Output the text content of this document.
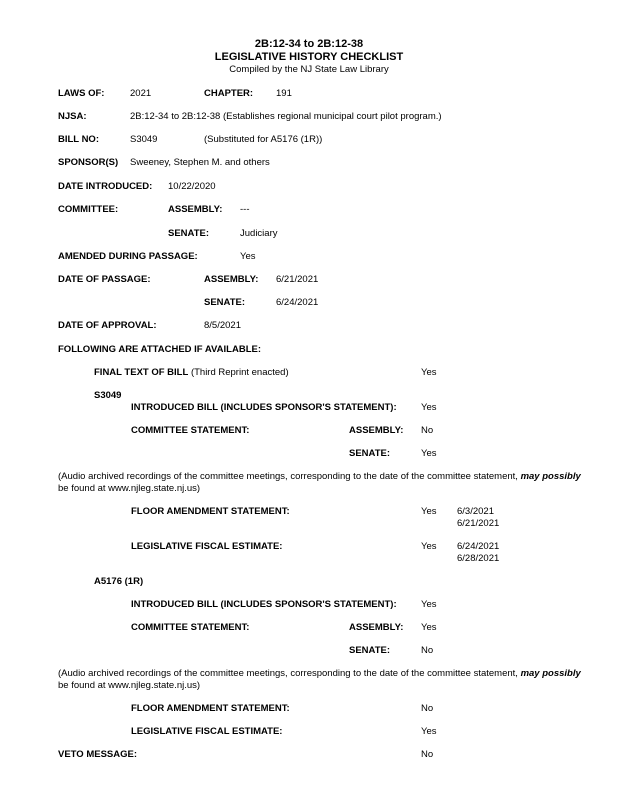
2B:12-34 to 2B:12-38
LEGISLATIVE HISTORY CHECKLIST
Compiled by the NJ State Law Library
LAWS OF:	2021	CHAPTER: 191
NJSA:	2B:12-34 to 2B:12-38 (Establishes regional municipal court pilot program.)
BILL NO:	S3049	(Substituted for A5176 (1R))
SPONSOR(S) Sweeney, Stephen M. and others
DATE INTRODUCED: 10/22/2020
COMMITTEE:	ASSEMBLY: ---
SENATE:	Judiciary
AMENDED DURING PASSAGE:	Yes
DATE OF PASSAGE:	ASSEMBLY: 6/21/2021
SENATE:	6/24/2021
DATE OF APPROVAL:	8/5/2021
FOLLOWING ARE ATTACHED IF AVAILABLE:
FINAL TEXT OF BILL (Third Reprint enacted)	Yes
S3049
INTRODUCED BILL (INCLUDES SPONSOR'S STATEMENT):	Yes
COMMITTEE STATEMENT:	ASSEMBLY: No
SENATE:	Yes
(Audio archived recordings of the committee meetings, corresponding to the date of the committee statement, may possibly
be found at www.njleg.state.nj.us)
FLOOR AMENDMENT STATEMENT:	Yes 6/3/2021
6/21/2021
LEGISLATIVE FISCAL ESTIMATE:	Yes 6/24/2021
6/28/2021
A5176 (1R)
INTRODUCED BILL (INCLUDES SPONSOR'S STATEMENT):	Yes
COMMITTEE STATEMENT:	ASSEMBLY: Yes
SENATE:	No
(Audio archived recordings of the committee meetings, corresponding to the date of the committee statement, may possibly
be found at www.njleg.state.nj.us)
FLOOR AMENDMENT STATEMENT:	No
LEGISLATIVE FISCAL ESTIMATE:	Yes
VETO MESSAGE:	No
